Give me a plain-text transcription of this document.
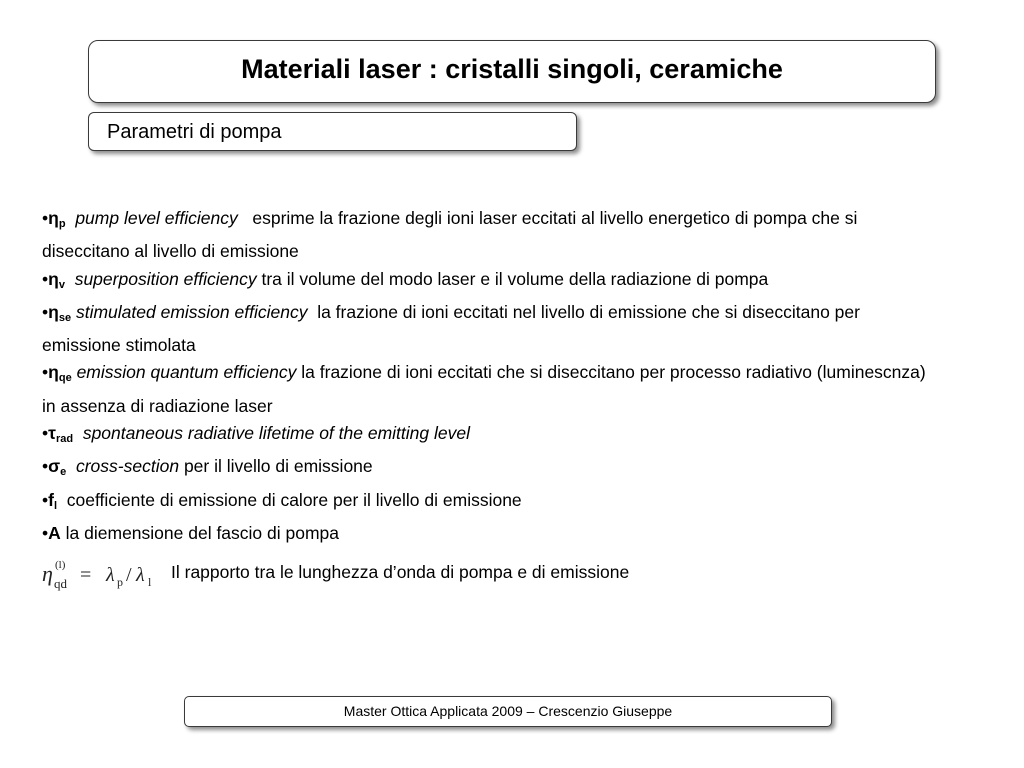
Materiali laser : cristalli singoli, ceramiche
Parametri di pompa

$•\eta_p$ pump level efficiency esprime la frazione degli ioni laser eccitati al livello energetico di pompa che si diseccitano al livello di emissione

$•\eta_v$ superposition efficiency tra il volume del modo laser e il volume della radiazione di pompa

$•\eta_{se}$ stimulated emission efficiency la frazione di ioni eccitati nel livello di emissione che si diseccitano per emissione stimolata

$•\eta_{qe}$ emission quantum efficiency la frazione di ioni eccitati che si diseccitano per processo radiativo (luminescnza) in assenza di radiazione laser

$•\tau_{rad}$ spontaneous radiative lifetime of the emitting level

$•\sigma_e$ cross-section per il livello di emissione

$•f_l$ coefficiente di emissione di calore per il livello di emissione

•A la diemensione del fascio di pompa

η (l)
qd = λ p / λ l Il rapporto tra le lunghezza d’onda di pompa e di emissione
Master Ottica Applicata 2009 – Crescenzio Giuseppe
